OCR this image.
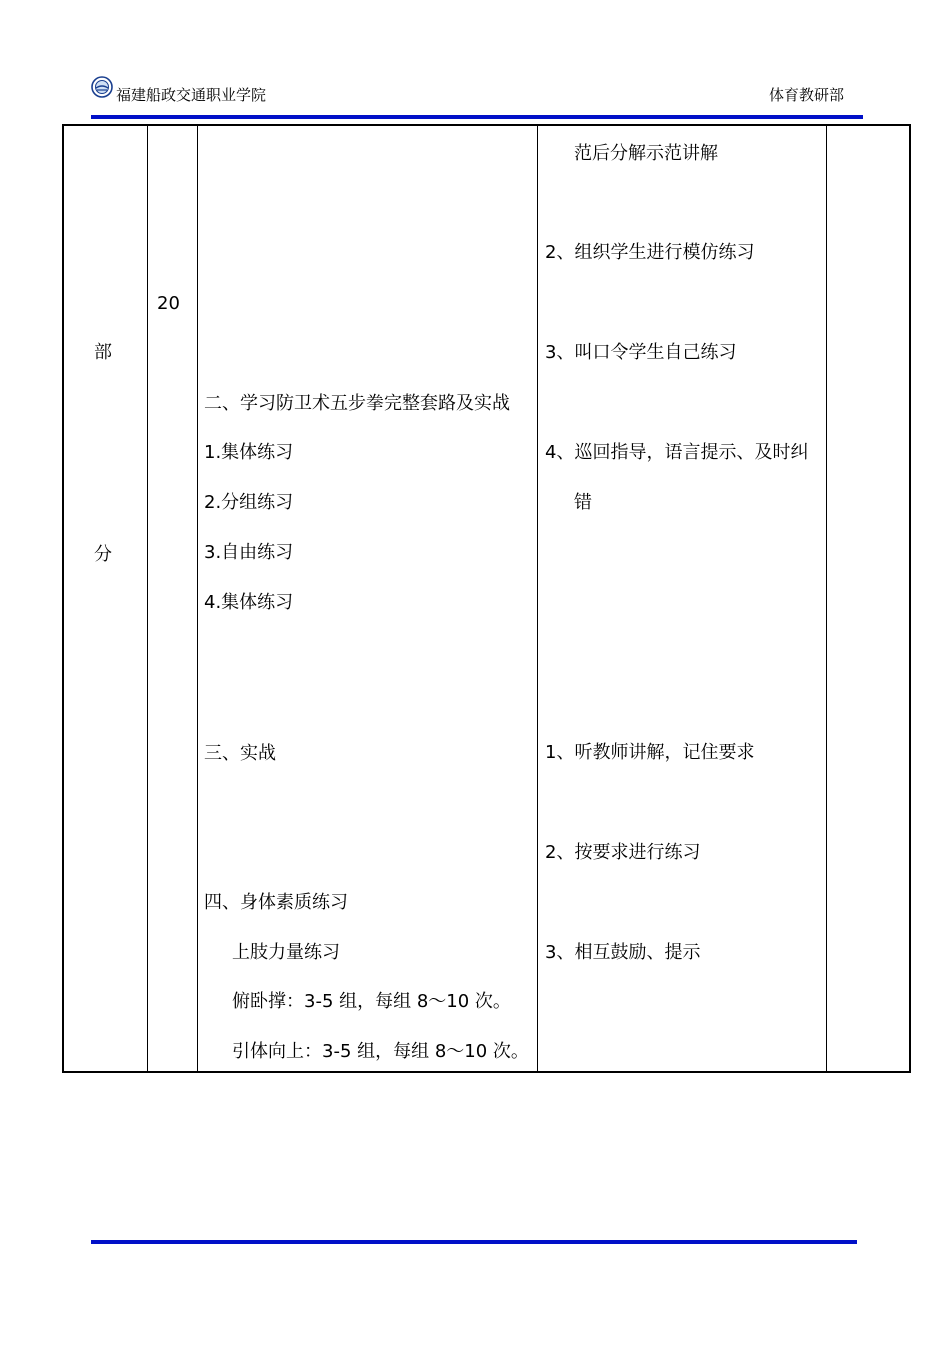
福建船政交通职业学院	体育教研部
部
分
20
二、学习防卫术五步拳完整套路及实战
1.集体练习
2.分组练习
3.自由练习
4.集体练习
三、实战
四、身体素质练习
上肢力量练习
俯卧撑：3-5 组，每组 8～10 次。
引体向上：3-5 组，每组 8～10 次。
范后分解示范讲解
2、组织学生进行模仿练习
3、叫口令学生自己练习
4、巡回指导，语言提示、及时纠
错
1、听教师讲解，记住要求
2、按要求进行练习
3、相互鼓励、提示
